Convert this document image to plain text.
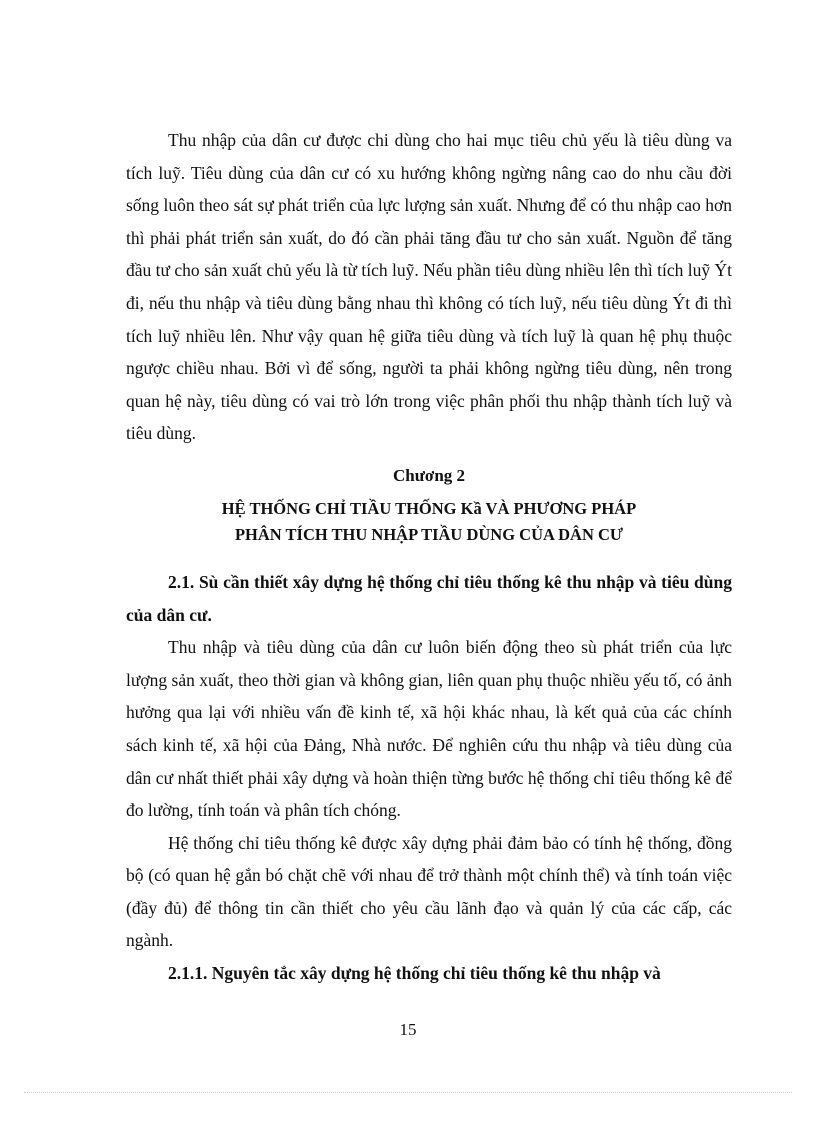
Thu nhập của dân cư được chi dùng cho hai mục tiêu chủ yếu là tiêu dùng va tích luỹ. Tiêu dùng của dân cư có xu hướng không ngừng nâng cao do nhu cầu đời sống luôn theo sát sự phát triển của lực lượng sản xuất. Nhưng để có thu nhập cao hơn thì phải phát triển sản xuất, do đó cần phải tăng đầu tư cho sản xuất. Nguồn để tăng đầu tư cho sản xuất chủ yếu là từ tích luỹ. Nếu phần tiêu dùng nhiều lên thì tích luỹ Ýt đi, nếu thu nhập và tiêu dùng bằng nhau thì không có tích luỹ, nếu tiêu dùng Ýt đi thì tích luỹ nhiều lên. Như vậy quan hệ giữa tiêu dùng và tích luỹ là quan hệ phụ thuộc ngược chiều nhau. Bởi vì để sống, người ta phải không ngừng tiêu dùng, nên trong quan hệ này, tiêu dùng có vai trò lớn trong việc phân phối thu nhập thành tích luỹ và tiêu dùng.

Chương 2

HỆ THỐNG CHỈ TIẦU THỐNG Kầ VÀ PHƯƠNG PHÁP

PHÂN TÍCH THU NHẬP TIẦU DÙNG CỦA DÂN CƯ

2.1. Sù cần thiết xây dựng hệ thống chỉ tiêu thống kê thu nhập và tiêu dùng của dân cư.

Thu nhập và tiêu dùng của dân cư luôn biến động theo sù phát triển của lực lượng sản xuất, theo thời gian và không gian, liên quan phụ thuộc nhiều yếu tố, có ảnh hưởng qua lại với nhiều vấn đề kinh tế, xã hội khác nhau, là kết quả của các chính sách kinh tế, xã hội của Đảng, Nhà nước. Để nghiên cứu thu nhập và tiêu dùng của dân cư nhất thiết phải xây dựng và hoàn thiện từng bước hệ thống chỉ tiêu thống kê để đo lường, tính toán và phân tích chóng.

Hệ thống chỉ tiêu thống kê được xây dựng phải đảm bảo có tính hệ thống, đồng bộ (có quan hệ gắn bó chặt chẽ với nhau để trở thành một chính thể) và tính toán việc (đầy đủ) để thông tin cần thiết cho yêu cầu lãnh đạo và quản lý của các cấp, các ngành.

2.1.1. Nguyên tắc xây dựng hệ thống chỉ tiêu thống kê thu nhập và

15
